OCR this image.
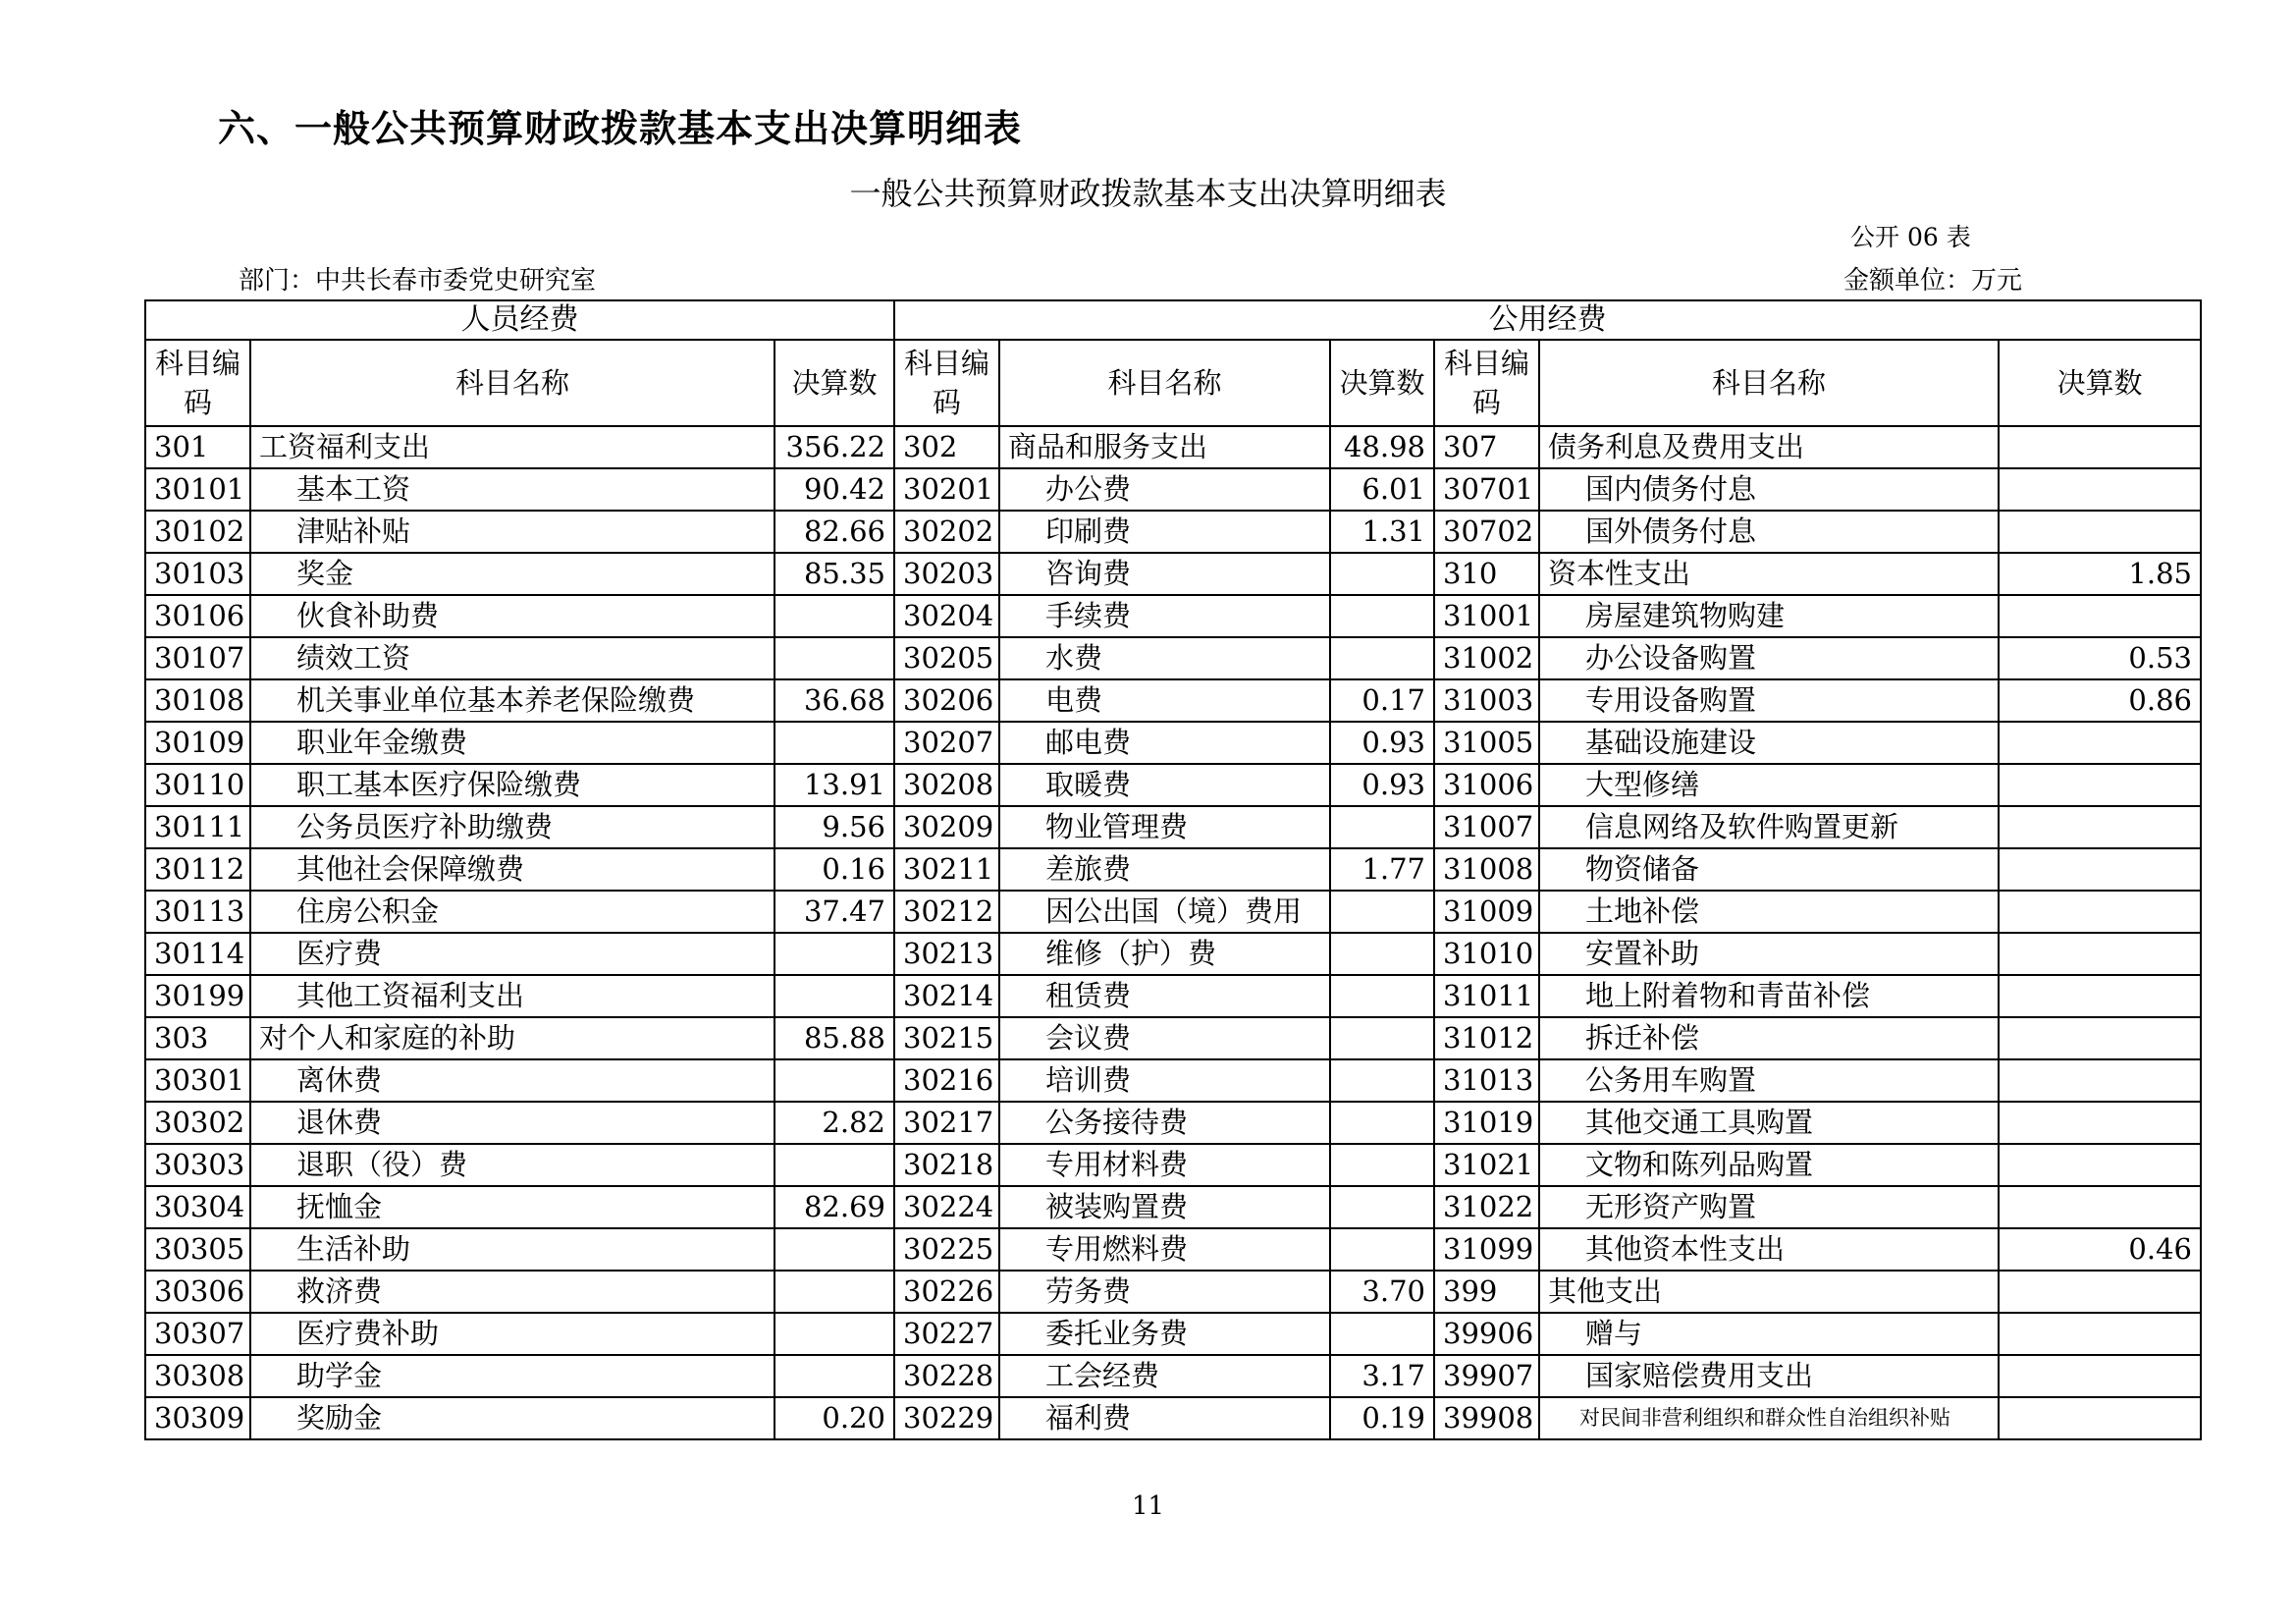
六、一般公共预算财政拨款基本支出决算明细表
一般公共预算财政拨款基本支出决算明细表
公开 06 表
部门：中共长春市委党史研究室	金额单位：万元
人员经费			公用经费					
科目编码	科目名称	决算数	科目编码	科目名称	决算数	科目编码	科目名称	决算数
301	工资福利支出	356.22	302	商品和服务支出	48.98	307	债务利息及费用支出	
30101	基本工资	90.42	30201	办公费	6.01	30701	国内债务付息	
30102	津贴补贴	82.66	30202	印刷费	1.31	30702	国外债务付息	
30103	奖金	85.35	30203	咨询费		310	资本性支出	1.85
30106	伙食补助费		30204	手续费		31001	房屋建筑物购建	
30107	绩效工资		30205	水费		31002	办公设备购置	0.53
30108	机关事业单位基本养老保险缴费	36.68	30206	电费	0.17	31003	专用设备购置	0.86
30109	职业年金缴费		30207	邮电费	0.93	31005	基础设施建设	
30110	职工基本医疗保险缴费	13.91	30208	取暖费	0.93	31006	大型修缮	
30111	公务员医疗补助缴费	9.56	30209	物业管理费		31007	信息网络及软件购置更新	
30112	其他社会保障缴费	0.16	30211	差旅费	1.77	31008	物资储备	
30113	住房公积金	37.47	30212	因公出国（境）费用		31009	土地补偿	
30114	医疗费		30213	维修（护）费		31010	安置补助	
30199	其他工资福利支出		30214	租赁费		31011	地上附着物和青苗补偿	
303	对个人和家庭的补助	85.88	30215	会议费		31012	拆迁补偿	
30301	离休费		30216	培训费		31013	公务用车购置	
30302	退休费	2.82	30217	公务接待费		31019	其他交通工具购置	
30303	退职（役）费		30218	专用材料费		31021	文物和陈列品购置	
30304	抚恤金	82.69	30224	被装购置费		31022	无形资产购置	
30305	生活补助		30225	专用燃料费		31099	其他资本性支出	0.46
30306	救济费		30226	劳务费	3.70	399	其他支出	
30307	医疗费补助		30227	委托业务费		39906	赠与	
30308	助学金		30228	工会经费	3.17	39907	国家赔偿费用支出	
30309	奖励金	0.20	30229	福利费	0.19	39908	对民间非营利组织和群众性自治组织补贴	
11
